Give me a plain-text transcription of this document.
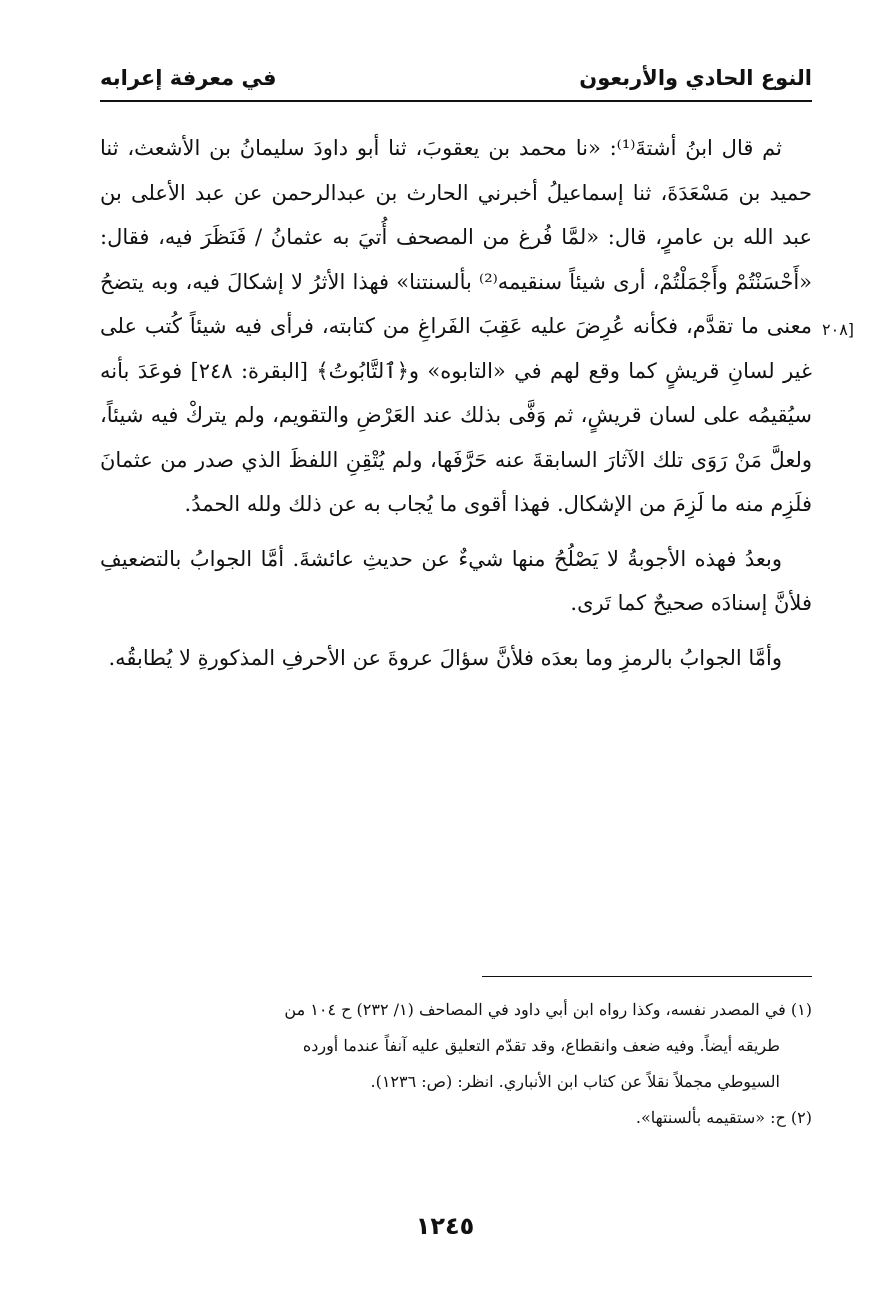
النوع الحادي والأربعون
في معرفة إعرابه
[۲۰۸

ثم قال ابنُ أشتةَ⁽¹⁾: «نا محمد بن يعقوبَ، ثنا أبو داودَ سليمانُ بن الأشعث، ثنا حميد بن مَسْعَدَةَ، ثنا إسماعيلُ أخبرني الحارث بن عبدالرحمن عن عبد الأعلى بن عبد الله بن عامرٍ، قال: «لمَّا فُرغ من المصحف أُتيَ به عثمانُ / فَنَظَرَ فيه، فقال: «أَحْسَنْتُمْ وأَجْمَلْتُمْ، أرى شيئاً سنقيمه⁽²⁾ بألسنتنا» فهذا الأثرُ لا إشكالَ فيه، وبه يتضحُ معنى ما تقدَّم، فكأنه عُرِضَ عليه عَقِبَ الفَراغِ من كتابته، فرأى فيه شيئاً كُتب على غير لسانِ قريشٍ كما وقع لهم في «التابوه» و﴿ٱلتَّابُوتُ﴾ [البقرة: ٢٤٨] فوعَدَ بأنه سيُقيمُه على لسان قريشٍ، ثم وَفَّى بذلك عند العَرْضِ والتقويم، ولم يتركْ فيه شيئاً، ولعلَّ مَنْ رَوَى تلك الآثارَ السابقةَ عنه حَرَّفَها، ولم يُتْقِنِ اللفظَ الذي صدر من عثمانَ فلَزِم منه ما لَزِمَ من الإشكال. فهذا أقوى ما يُجاب به عن ذلك ولله الحمدُ.

وبعدُ فهذه الأجوبةُ لا يَصْلُحُ منها شيءٌ عن حديثِ عائشةَ. أمَّا الجوابُ بالتضعيفِ فلأنَّ إسنادَه صحيحٌ كما تَرى.

وأمَّا الجوابُ بالرمزِ وما بعدَه فلأنَّ سؤالَ عروةَ عن الأحرفِ المذكورةِ لا يُطابقُه.

(١) في المصدر نفسه، وكذا رواه ابن أبي داود في المصاحف (١/ ٢٣٢) ح ١٠٤ من

طريقه أيضاً. وفيه ضعف وانقطاع، وقد تقدّم التعليق عليه آنفاً عندما أورده

السيوطي مجملاً نقلاً عن كتاب ابن الأنباري. انظر: (ص: ١٢٣٦).

(٢) ح: «ستقيمه بألسنتها».

١٢٤٥
